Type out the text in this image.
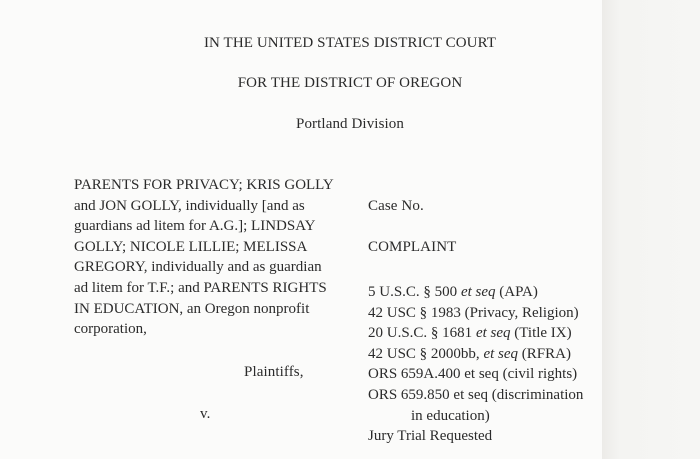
IN THE UNITED STATES DISTRICT COURT
FOR THE DISTRICT OF OREGON
Portland Division
PARENTS FOR PRIVACY; KRIS GOLLY
and JON GOLLY, individually [and as
guardians ad litem for A.G.]; LINDSAY
GOLLY; NICOLE LILLIE; MELISSA
GREGORY, individually and as guardian
ad litem for T.F.; and PARENTS RIGHTS
IN EDUCATION, an Oregon nonprofit
corporation,
Plaintiffs,
v.
Case No.
COMPLAINT
5 U.S.C. § 500 et seq (APA)
42 USC § 1983 (Privacy, Religion)
20 U.S.C. § 1681 et seq (Title IX)
42 USC § 2000bb, et seq (RFRA)
ORS 659A.400 et seq (civil rights)
ORS 659.850 et seq (discrimination
in education)
Jury Trial Requested
